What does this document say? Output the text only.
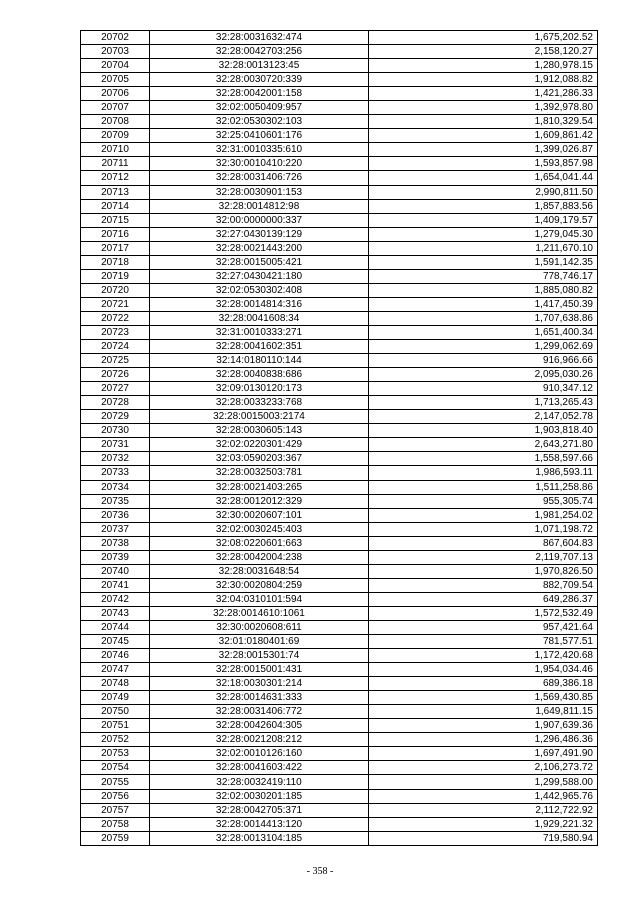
20702	32:28:0031632:474	1,675,202.52
20703	32:28:0042703:256	2,158,120.27
20704	32:28:0013123:45	1,280,978.15
20705	32:28:0030720:339	1,912,088.82
20706	32:28:0042001:158	1,421,286.33
20707	32:02:0050409:957	1,392,978.80
20708	32:02:0530302:103	1,810,329.54
20709	32:25:0410601:176	1,609,861.42
20710	32:31:0010335:610	1,399,026.87
20711	32:30:0010410:220	1,593,857.98
20712	32:28:0031406:726	1,654,041.44
20713	32:28:0030901:153	2,990,811.50
20714	32:28:0014812:98	1,857,883.56
20715	32:00:0000000:337	1,409,179.57
20716	32:27:0430139:129	1,279,045.30
20717	32:28:0021443:200	1,211,670.10
20718	32:28:0015005:421	1,591,142.35
20719	32:27:0430421:180	778,746.17
20720	32:02:0530302:408	1,885,080.82
20721	32:28:0014814:316	1,417,450.39
20722	32:28:0041608:34	1,707,638.86
20723	32:31:0010333:271	1,651,400.34
20724	32:28:0041602:351	1,299,062.69
20725	32:14:0180110:144	916,966.66
20726	32:28:0040838:686	2,095,030.26
20727	32:09:0130120:173	910,347.12
20728	32:28:0033233:768	1,713,265.43
20729	32:28:0015003:2174	2,147,052.78
20730	32:28:0030605:143	1,903,818.40
20731	32:02:0220301:429	2,643,271.80
20732	32:03:0590203:367	1,558,597.66
20733	32:28:0032503:781	1,986,593.11
20734	32:28:0021403:265	1,511,258.86
20735	32:28:0012012:329	955,305.74
20736	32:30:0020607:101	1,981,254.02
20737	32:02:0030245:403	1,071,198.72
20738	32:08:0220601:663	867,604.83
20739	32:28:0042004:238	2,119,707.13
20740	32:28:0031648:54	1,970,826.50
20741	32:30:0020804:259	882,709.54
20742	32:04:0310101:594	649,286.37
20743	32:28:0014610:1061	1,572,532.49
20744	32:30:0020608:611	957,421.64
20745	32:01:0180401:69	781,577.51
20746	32:28:0015301:74	1,172,420.68
20747	32:28:0015001:431	1,954,034.46
20748	32:18:0030301:214	689,386.18
20749	32:28:0014631:333	1,569,430.85
20750	32:28:0031406:772	1,649,811.15
20751	32:28:0042604:305	1,907,639.36
20752	32:28:0021208:212	1,296,486.36
20753	32:02:0010126:160	1,697,491.90
20754	32:28:0041603:422	2,106,273.72
20755	32:28:0032419:110	1,299,588.00
20756	32:02:0030201:185	1,442,965.76
20757	32:28:0042705:371	2,112,722.92
20758	32:28:0014413:120	1,929,221.32
20759	32:28:0013104:185	719,580.94
- 358 -
